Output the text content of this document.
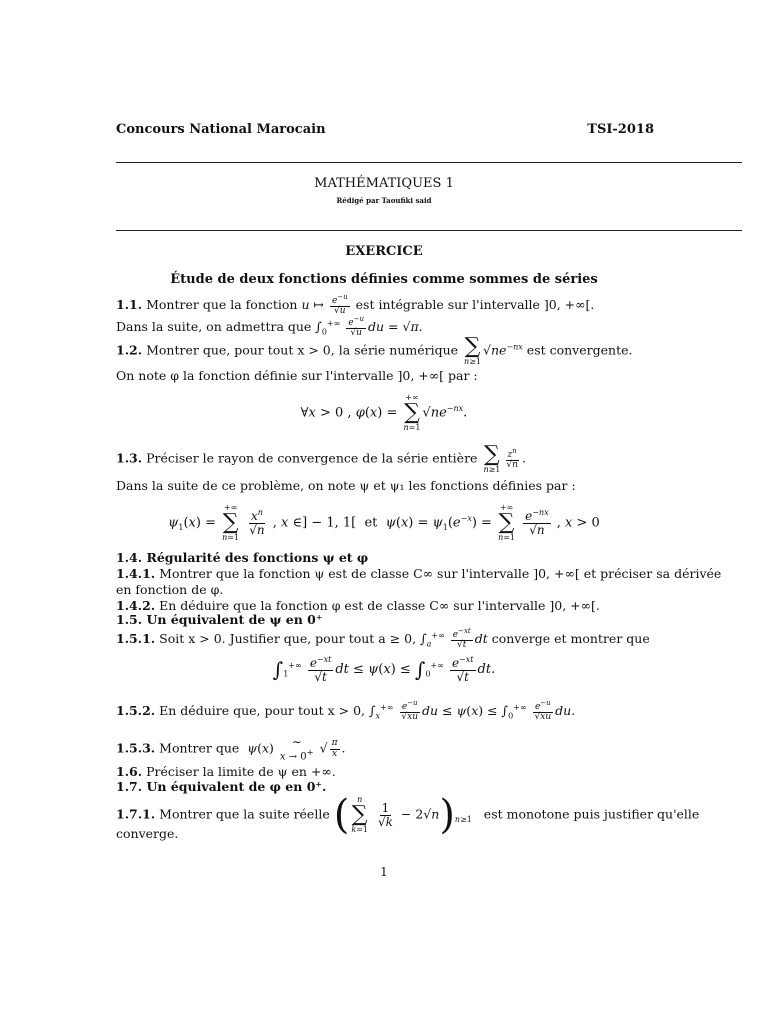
Concours National Marocain	TSI-2018
MATHÉMATIQUES 1
Rédigé par Taoufiki said
EXERCICE
Étude de deux fonctions définies comme sommes de séries
1.1. Montrer que la fonction u ↦ $\frac{e^{-u}}{√u}$ est intégrable sur l'intervalle ]0, +∞[.
Dans la suite, on admettra que $\int_0^{+\infty} \frac{e^{-u}}{√u}$ du = √π.
1.2. Montrer que, pour tout x > 0, la série numérique ∑
n≥1
$√ne^{-nx}$ est convergente.
On note φ la fonction définie sur l'intervalle ]0, +∞[ par :
∀x > 0 , φ(x) =
+∞
∑
n=1
$√ne^{-nx}$.
1.3. Préciser le rayon de convergence de la série entière ∑
$n\ge 1 \frac{z^n}{√n}$ .
Dans la suite de ce problème, on note ψ et ψ₁ les fonctions définies par :
$\psi_1(x)$ =
+∞
∑
n=1

$\frac{x^n}{√n}$ , x ∈] − 1, 1[  et  $\psi(x) = \psi_1(e^{-x})$ =
+∞
∑
n=1

$\frac{e^{-nx}}{√n}$ , x > 0
1.4. Régularité des fonctions ψ et φ
1.4.1. Montrer que la fonction ψ est de classe C∞ sur l'intervalle ]0, +∞[ et préciser sa dérivée
en fonction de φ.
1.4.2. En déduire que la fonction φ est de classe C∞ sur l'intervalle ]0, +∞[.
1.5. Un équivalent de ψ en 0⁺
1.5.1. Soit x > 0. Justifier que, pour tout a ≥ 0, $\int_a^{+\infty} \frac{e^{-xt}}{√t}$ dt converge et montrer que
$\int_1^{+\infty} \frac{e^{-xt}}{√t}$ dt ≤ $\psi(x) \le \int_0^{+\infty} \frac{e^{-xt}}{√t}$ dt.
1.5.2. En déduire que, pour tout x > 0, $\int_x^{+\infty} \frac{e^{-u}}{√xu}$ du ≤ $\psi(x) \le \int_0^{+\infty} \frac{e^{-u}}{√xu}$ du.
1.5.3. Montrer que ψ(x) ∼
x → 0+ √ $\frac{\pi}{x}$ .
1.6. Préciser la limite de ψ en +∞.
1.7. Un équivalent de φ en 0⁺.
1.7.1. Montrer que la suite réelle ( n
∑
k=1

$\frac{1}{√k} - 2√n)_{n\ge 1}$ est monotone puis justifier qu'elle
converge.
1
